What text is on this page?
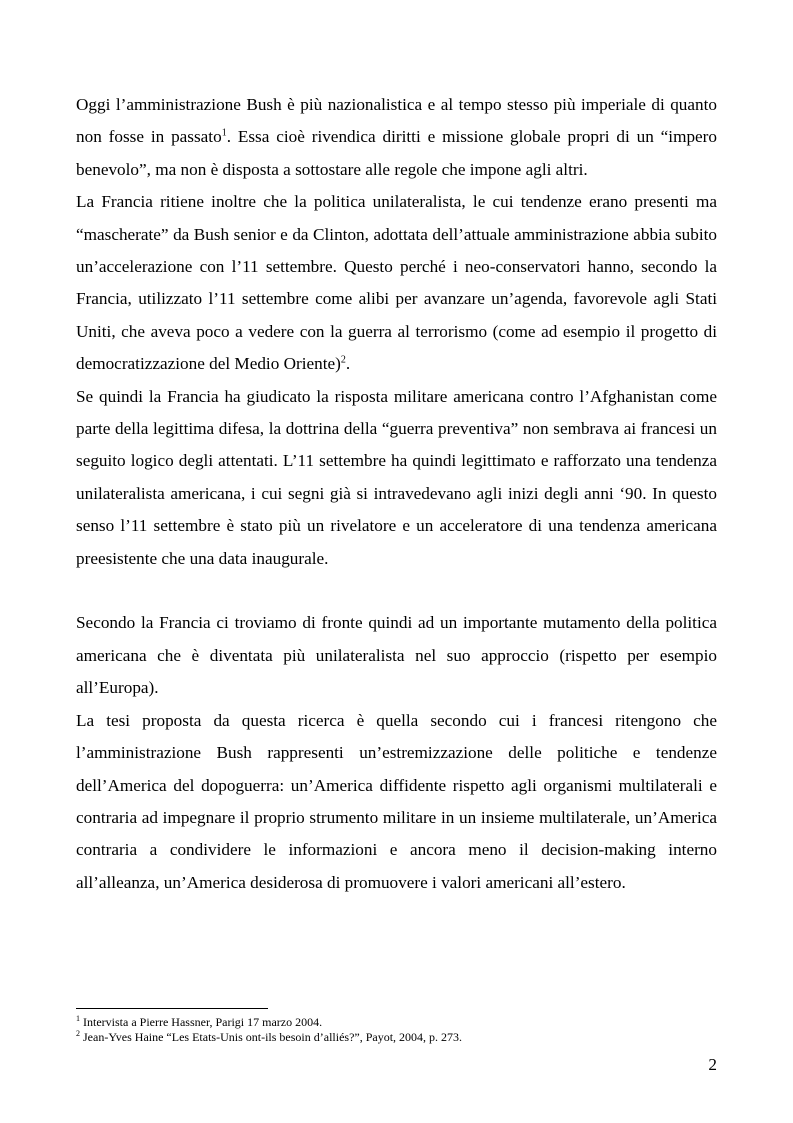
Oggi l’amministrazione Bush è più nazionalistica e al tempo stesso più imperiale di quanto non fosse in passato$^1$. Essa cioè rivendica diritti e missione globale propri di un “impero benevolo”, ma non è disposta a sottostare alle regole che impone agli altri.

La Francia ritiene inoltre che la politica unilateralista, le cui tendenze erano presenti ma “mascherate” da Bush senior e da Clinton, adottata dell’attuale amministrazione abbia subito un’accelerazione con l’11 settembre. Questo perché i neo-conservatori hanno, secondo la Francia, utilizzato l’11 settembre come alibi per avanzare un’agenda, favorevole agli Stati Uniti, che aveva poco a vedere con la guerra al terrorismo (come ad esempio il progetto di democratizzazione del Medio Oriente)$^2$.

Se quindi la Francia ha giudicato la risposta militare americana contro l’Afghanistan come parte della legittima difesa, la dottrina della “guerra preventiva” non sembrava ai francesi un seguito logico degli attentati. L’11 settembre ha quindi legittimato e rafforzato una tendenza unilateralista americana, i cui segni già si intravedevano agli inizi degli anni ‘90. In questo senso l’11 settembre è stato più un rivelatore e un acceleratore di una tendenza americana preesistente che una data inaugurale.

Secondo la Francia ci troviamo di fronte quindi ad un importante mutamento della politica americana che è diventata più unilateralista nel suo approccio (rispetto per esempio all’Europa).

La tesi proposta da questa ricerca è quella secondo cui i francesi ritengono che l’amministrazione Bush rappresenti un’estremizzazione delle politiche e tendenze dell’America del dopoguerra: un’America diffidente rispetto agli organismi multilaterali e contraria ad impegnare il proprio strumento militare in un insieme multilaterale, un’America contraria a condividere le informazioni e ancora meno il decision-making interno all’alleanza, un’America desiderosa di promuovere i valori americani all’estero.

$^1$ Intervista a Pierre Hassner, Parigi 17 marzo 2004.

$^2$ Jean-Yves Haine “Les Etats-Unis ont-ils besoin d’alliés?”, Payot, 2004, p. 273.

2
